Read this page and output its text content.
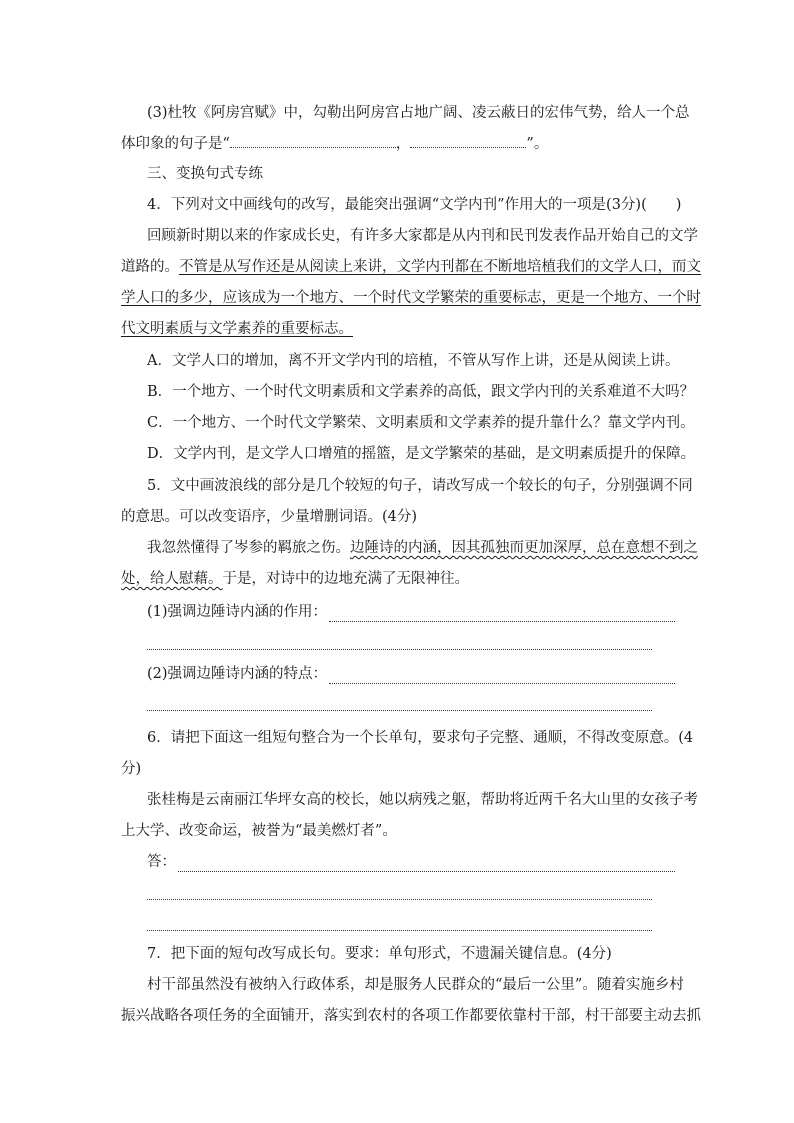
(3)杜牧《阿房宫赋》中，勾勒出阿房宫占地广阔、凌云蔽日的宏伟气势，给人一个总
体印象的句子是“	，	”。
三、变换句式专练
4．下列对文中画线句的改写，最能突出强调“文学内刊”作用大的一项是(3分)(　　)
回顾新时期以来的作家成长史，有许多大家都是从内刊和民刊发表作品开始自己的文学
道路的。不管是从写作还是从阅读上来讲，文学内刊都在不断地培植我们的文学人口，而文
学人口的多少，应该成为一个地方、一个时代文学繁荣的重要标志，更是一个地方、一个时
代文明素质与文学素养的重要标志。
A．文学人口的增加，离不开文学内刊的培植，不管从写作上讲，还是从阅读上讲。
B．一个地方、一个时代文明素质和文学素养的高低，跟文学内刊的关系难道不大吗？
C．一个地方、一个时代文学繁荣、文明素质和文学素养的提升靠什么？靠文学内刊。
D．文学内刊，是文学人口增殖的摇篮，是文学繁荣的基础，是文明素质提升的保障。
5．文中画波浪线的部分是几个较短的句子，请改写成一个较长的句子，分别强调不同
的意思。可以改变语序，少量增删词语。(4分)
我忽然懂得了岑参的羁旅之伤。边陲诗的内涵，因其孤独而更加深厚，总在意想不到之
处，给人慰藉。于是，对诗中的边地充满了无限神往。
(1)强调边陲诗内涵的作用：
(2)强调边陲诗内涵的特点：
6．请把下面这一组短句整合为一个长单句，要求句子完整、通顺，不得改变原意。(4
分)
张桂梅是云南丽江华坪女高的校长，她以病残之躯，帮助将近两千名大山里的女孩子考
上大学、改变命运，被誉为“最美燃灯者”。
答：
7．把下面的短句改写成长句。要求：单句形式，不遗漏关键信息。(4分)
村干部虽然没有被纳入行政体系，却是服务人民群众的“最后一公里”。随着实施乡村
振兴战略各项任务的全面铺开，落实到农村的各项工作都要依靠村干部，村干部要主动去抓
